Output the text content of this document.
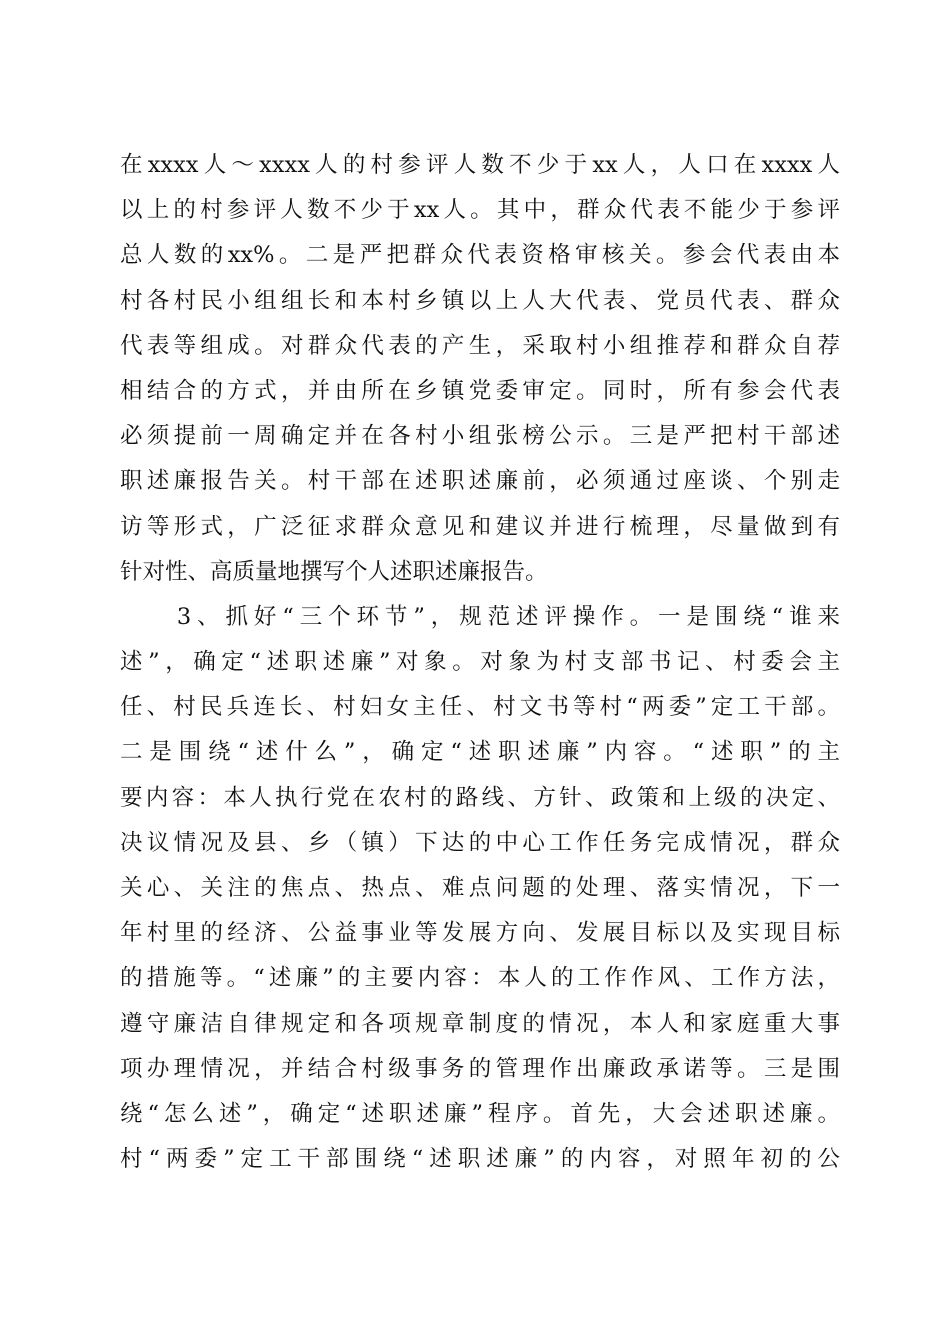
在xxxx人～xxxx人的村参评人数不少于xx人，人口在xxxx人
以上的村参评人数不少于xx人。其中，群众代表不能少于参评
总人数的xx%。二是严把群众代表资格审核关。参会代表由本
村各村民小组组长和本村乡镇以上人大代表、党员代表、群众
代表等组成。对群众代表的产生，采取村小组推荐和群众自荐
相结合的方式，并由所在乡镇党委审定。同时，所有参会代表
必须提前一周确定并在各村小组张榜公示。三是严把村干部述
职述廉报告关。村干部在述职述廉前，必须通过座谈、个别走
访等形式，广泛征求群众意见和建议并进行梳理，尽量做到有
针对性、高质量地撰写个人述职述廉报告。
　　3、抓好“三个环节”，规范述评操作。一是围绕“谁来
述”，确定“述职述廉”对象。对象为村支部书记、村委会主
任、村民兵连长、村妇女主任、村文书等村“两委”定工干部。
二是围绕“述什么”，确定“述职述廉”内容。“述职”的主
要内容：本人执行党在农村的路线、方针、政策和上级的决定、
决议情况及县、乡（镇）下达的中心工作任务完成情况，群众
关心、关注的焦点、热点、难点问题的处理、落实情况，下一
年村里的经济、公益事业等发展方向、发展目标以及实现目标
的措施等。“述廉”的主要内容：本人的工作作风、工作方法，
遵守廉洁自律规定和各项规章制度的情况，本人和家庭重大事
项办理情况，并结合村级事务的管理作出廉政承诺等。三是围
绕“怎么述”，确定“述职述廉”程序。首先，大会述职述廉。
村“两委”定工干部围绕“述职述廉”的内容，对照年初的公
